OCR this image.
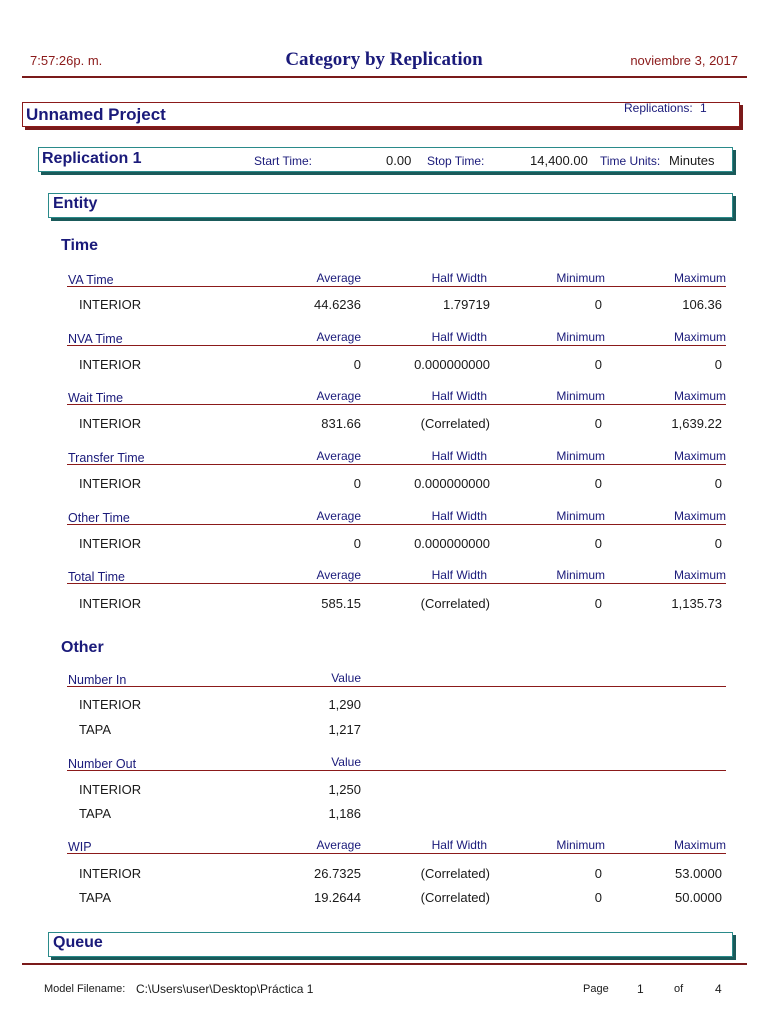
7:57:26p. m.	Category by Replication	noviembre 3, 2017
Unnamed Project	Replications: 1
Replication 1	Start Time:	0.00 Stop Time:	14,400.00 Time Units: Minutes
Entity
Time
VA Time	Average	Half Width	Minimum	Maximum
INTERIOR	44.6236	1.79719	0	106.36
NVA Time	Average	Half Width	Minimum	Maximum
INTERIOR	0	0.000000000	0	0
Wait Time	Average	Half Width	Minimum	Maximum
INTERIOR	831.66	(Correlated)	0	1,639.22
Transfer Time	Average	Half Width	Minimum	Maximum
INTERIOR	0	0.000000000	0	0
Other Time	Average	Half Width	Minimum	Maximum
INTERIOR	0	0.000000000	0	0
Total Time	Average	Half Width	Minimum	Maximum
INTERIOR	585.15	(Correlated)	0	1,135.73
Other
Number In	Value
INTERIOR	1,290
TAPA	1,217
Number Out	Value
INTERIOR	1,250
TAPA	1,186
WIP	Average	Half Width	Minimum	Maximum
INTERIOR	26.7325	(Correlated)	0	53.0000
TAPA	19.2644	(Correlated)	0	50.0000
Queue
Model Filename: C:\Users\user\Desktop\Práctica 1	Page 1	of	4
